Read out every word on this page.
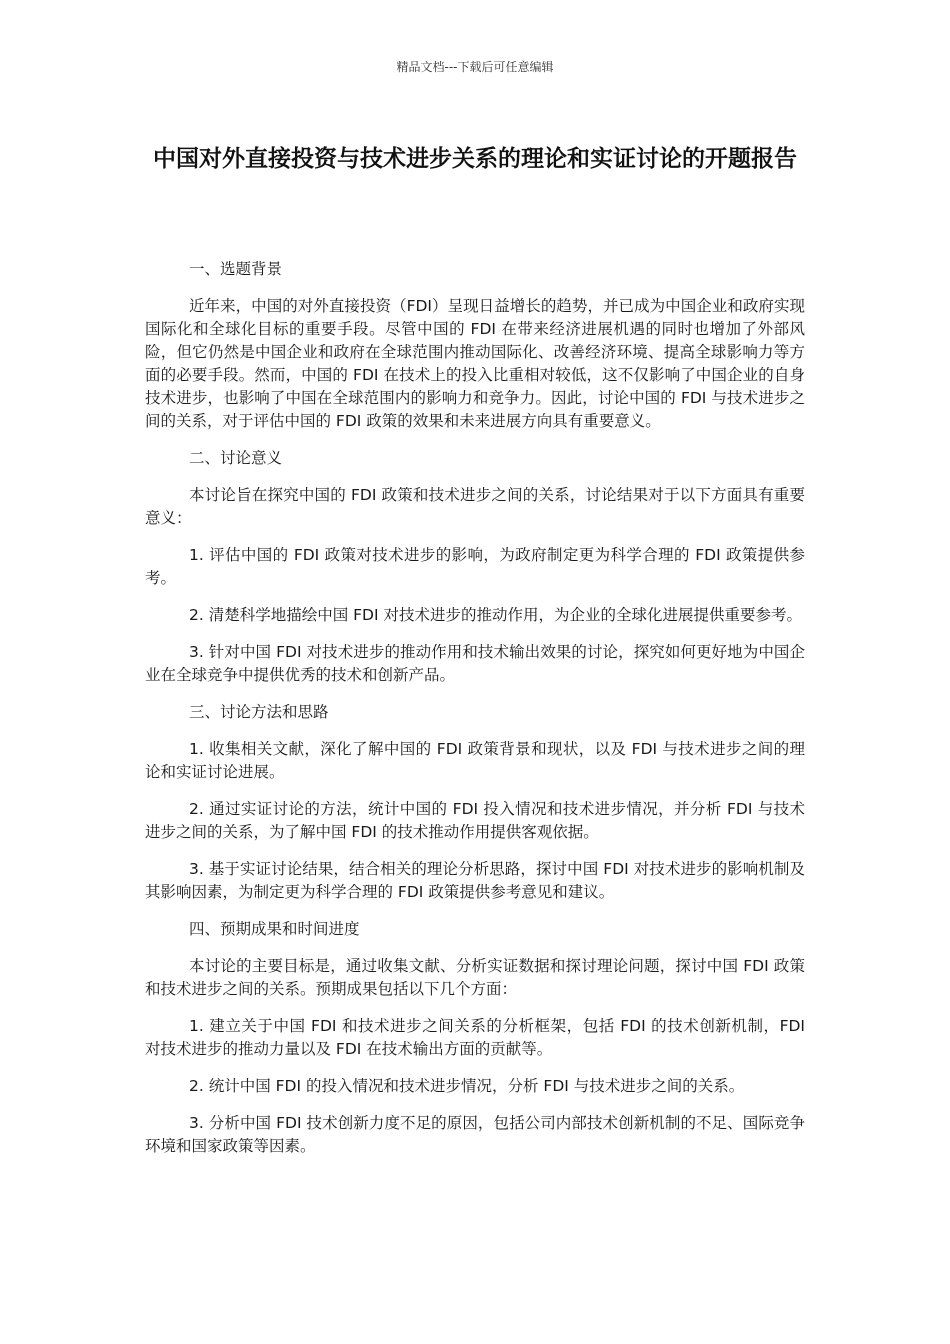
精品文档---下载后可任意编辑
中国对外直接投资与技术进步关系的理论和实证讨论的开题报告

一、选题背景

近年来，中国的对外直接投资（FDI）呈现日益增长的趋势，并已成为中国企业和政府实现国际化和全球化目标的重要手段。尽管中国的 FDI 在带来经济进展机遇的同时也增加了外部风险，但它仍然是中国企业和政府在全球范围内推动国际化、改善经济环境、提高全球影响力等方面的必要手段。然而，中国的 FDI 在技术上的投入比重相对较低，这不仅影响了中国企业的自身技术进步，也影响了中国在全球范围内的影响力和竞争力。因此，讨论中国的 FDI 与技术进步之间的关系，对于评估中国的 FDI 政策的效果和未来进展方向具有重要意义。

二、讨论意义

本讨论旨在探究中国的 FDI 政策和技术进步之间的关系，讨论结果对于以下方面具有重要意义：

1. 评估中国的 FDI 政策对技术进步的影响，为政府制定更为科学合理的 FDI 政策提供参考。

2. 清楚科学地描绘中国 FDI 对技术进步的推动作用，为企业的全球化进展提供重要参考。

3. 针对中国 FDI 对技术进步的推动作用和技术输出效果的讨论，探究如何更好地为中国企业在全球竞争中提供优秀的技术和创新产品。

三、讨论方法和思路

1. 收集相关文献，深化了解中国的 FDI 政策背景和现状，以及 FDI 与技术进步之间的理论和实证讨论进展。

2. 通过实证讨论的方法，统计中国的 FDI 投入情况和技术进步情况，并分析 FDI 与技术进步之间的关系，为了解中国 FDI 的技术推动作用提供客观依据。

3. 基于实证讨论结果，结合相关的理论分析思路，探讨中国 FDI 对技术进步的影响机制及其影响因素，为制定更为科学合理的 FDI 政策提供参考意见和建议。

四、预期成果和时间进度

本讨论的主要目标是，通过收集文献、分析实证数据和探讨理论问题，探讨中国 FDI 政策和技术进步之间的关系。预期成果包括以下几个方面：

1. 建立关于中国 FDI 和技术进步之间关系的分析框架，包括 FDI 的技术创新机制，FDI 对技术进步的推动力量以及 FDI 在技术输出方面的贡献等。

2. 统计中国 FDI 的投入情况和技术进步情况，分析 FDI 与技术进步之间的关系。

3. 分析中国 FDI 技术创新力度不足的原因，包括公司内部技术创新机制的不足、国际竞争环境和国家政策等因素。
